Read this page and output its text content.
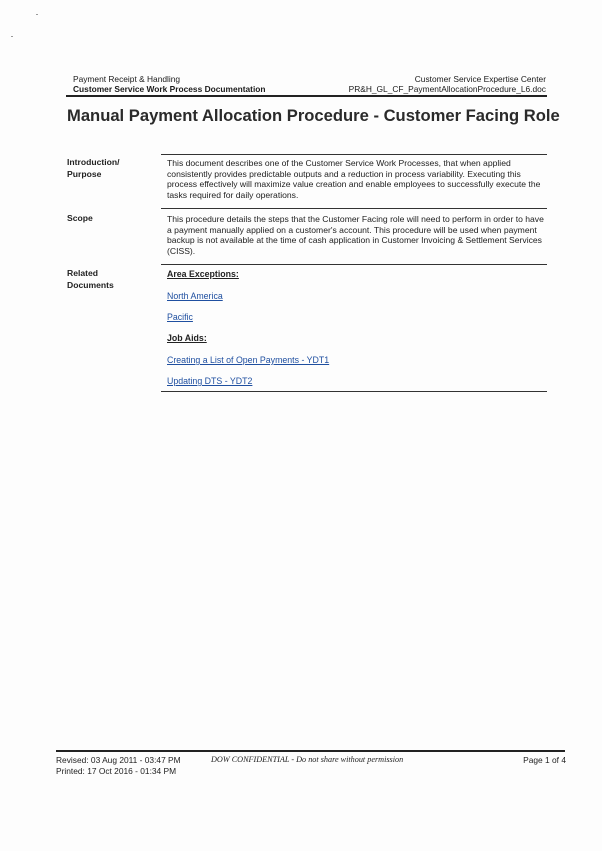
Payment Receipt & Handling
Customer Service Work Process Documentation
Customer Service Expertise Center
PR&H_GL_CF_PaymentAllocationProcedure_L6.doc
Manual Payment Allocation Procedure - Customer Facing Role
Introduction/
Purpose
This document describes one of the Customer Service Work Processes, that when applied consistently provides predictable outputs and a reduction in process variability. Executing this process effectively will maximize value creation and enable employees to successfully execute the tasks required for daily operations.
Scope	This procedure details the steps that the Customer Facing role will need to perform in order to have a payment manually applied on a customer's account. This procedure will be used when payment backup is not available at the time of cash application in Customer Invoicing & Settlement Services (CISS).
Related
Documents
Area Exceptions:
North America
Pacific
Job Aids:
Creating a List of Open Payments - YDT1
Updating DTS - YDT2
Revised: 03 Aug 2011 - 03:47 PM
Printed: 17 Oct 2016 - 01:34 PM
DOW CONFIDENTIAL - Do not share without permission	Page 1 of 4
